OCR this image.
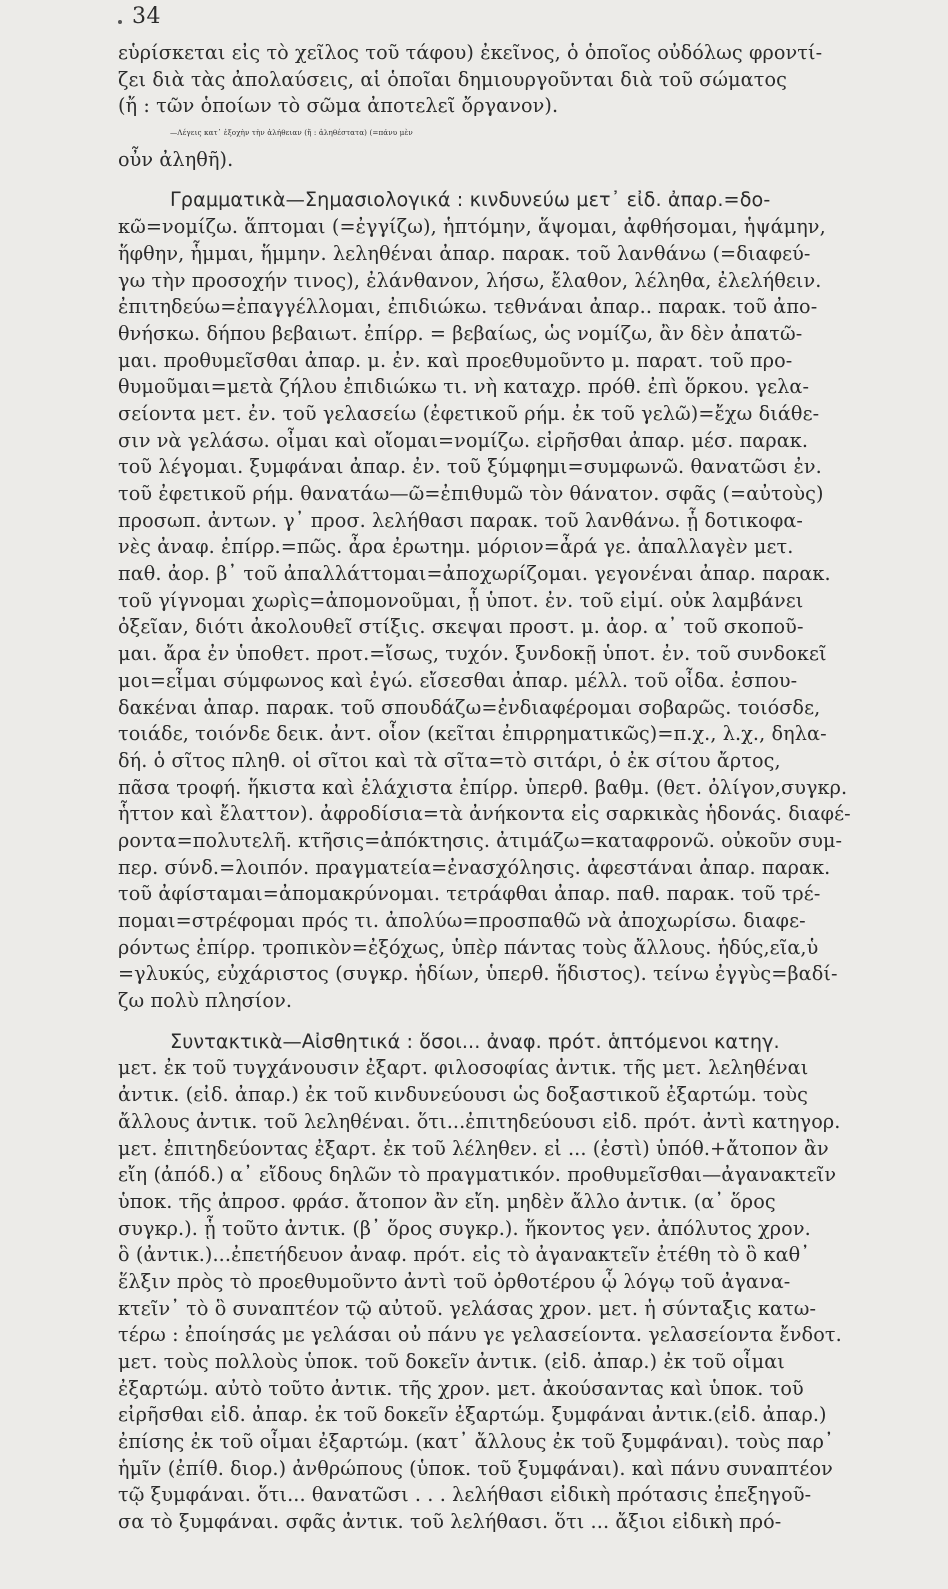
34
εὑρίσκεται εἰς τὸ χεῖλος τοῦ τάφου) ἐκεῖνος, ὁ ὁποῖος οὐδόλως φροντί-
ζει διὰ τὰς ἀπολαύσεις, αἱ ὁποῖαι δημιουργοῦνται διὰ τοῦ σώματος
(ἤ : τῶν ὁποίων τὸ σῶμα ἀποτελεῖ ὄργανον).
—Λέγεις κατ᾽ ἐξοχὴν τὴν ἀλήθειαν (ἤ : ἀληθέστατα) (=πάνυ μὲν
οὖν ἀληθῆ).
Γραμματικὰ—Σημασιολογικά : κινδυνεύω μετ᾽ εἰδ. ἀπαρ.=δο-
κῶ=νομίζω. ἅπτομαι (=ἐγγίζω), ἡπτόμην, ἅψομαι, ἀφθήσομαι, ἡψάμην,
ἥφθην, ἧμμαι, ἥμμην. λεληθέναι ἀπαρ. παρακ. τοῦ λανθάνω (=διαφεύ-
γω τὴν προσοχήν τινος), ἐλάνθανον, λήσω, ἔλαθον, λέληθα, ἐλελήθειν.
ἐπιτηδεύω=ἐπαγγέλλομαι, ἐπιδιώκω. τεθνάναι ἀπαρ.. παρακ. τοῦ ἀπο-
θνήσκω. δήπου βεβαιωτ. ἐπίρρ. = βεβαίως, ὡς νομίζω, ἂν δὲν ἀπατῶ-
μαι. προθυμεῖσθαι ἀπαρ. μ. ἐν. καὶ προεθυμοῦντο μ. παρατ. τοῦ προ-
θυμοῦμαι=μετὰ ζήλου ἐπιδιώκω τι. νὴ καταχρ. πρόθ. ἐπὶ ὅρκου. γελα-
σείοντα μετ. ἐν. τοῦ γελασείω (ἐφετικοῦ ρήμ. ἐκ τοῦ γελῶ)=ἔχω διάθε-
σιν νὰ γελάσω. οἶμαι καὶ οἴομαι=νομίζω. εἰρῆσθαι ἀπαρ. μέσ. παρακ.
τοῦ λέγομαι. ξυμφάναι ἀπαρ. ἐν. τοῦ ξύμφημι=συμφωνῶ. θανατῶσι ἐν.
τοῦ ἐφετικοῦ ρήμ. θανατάω—ῶ=ἐπιθυμῶ τὸν θάνατον. σφᾶς (=αὐτοὺς)
προσωπ. ἀντων. γ᾽ προσ. λελήθασι παρακ. τοῦ λανθάνω. ᾗ δοτικοφα-
νὲς ἀναφ. ἐπίρρ.=πῶς. ἆρα ἐρωτημ. μόριον=ἆρά γε. ἀπαλλαγὲν μετ.
παθ. ἀορ. β᾽ τοῦ ἀπαλλάττομαι=ἀποχωρίζομαι. γεγονέναι ἀπαρ. παρακ.
τοῦ γίγνομαι χωρὶς=ἀπομονοῦμαι, ᾗ ὑποτ. ἐν. τοῦ εἰμί. οὐκ λαμβάνει
ὀξεῖαν, διότι ἀκολουθεῖ στίξις. σκεψαι προστ. μ. ἀορ. α᾽ τοῦ σκοποῦ-
μαι. ἄρα ἐν ὑποθετ. προτ.=ἴσως, τυχόν. ξυνδοκῇ ὑποτ. ἐν. τοῦ συνδοκεῖ
μοι=εἶμαι σύμφωνος καὶ ἐγώ. εἴσεσθαι ἀπαρ. μέλλ. τοῦ οἶδα. ἐσπου-
δακέναι ἀπαρ. παρακ. τοῦ σπουδάζω=ἐνδιαφέρομαι σοβαρῶς. τοιόσδε,
τοιάδε, τοιόνδε δεικ. ἀντ. οἷον (κεῖται ἐπιρρηματικῶς)=π.χ., λ.χ., δηλα-
δή. ὁ σῖτος πληθ. οἱ σῖτοι καὶ τὰ σῖτα=τὸ σιτάρι, ὁ ἐκ σίτου ἄρτος,
πᾶσα τροφή. ἥκιστα καὶ ἐλάχιστα ἐπίρρ. ὑπερθ. βαθμ. (θετ. ὀλίγον,συγκρ.
ἧττον καὶ ἔλαττον). ἀφροδίσια=τὰ ἀνήκοντα εἰς σαρκικὰς ἡδονάς. διαφέ-
ροντα=πολυτελῆ. κτῆσις=ἀπόκτησις. ἀτιμάζω=καταφρονῶ. οὐκοῦν συμ-
περ. σύνδ.=λοιπόν. πραγματεία=ἐνασχόλησις. ἀφεστάναι ἀπαρ. παρακ.
τοῦ ἀφίσταμαι=ἀπομακρύνομαι. τετράφθαι ἀπαρ. παθ. παρακ. τοῦ τρέ-
πομαι=στρέφομαι πρός τι. ἀπολύω=προσπαθῶ νὰ ἀποχωρίσω. διαφε-
ρόντως ἐπίρρ. τροπικὸν=ἐξόχως, ὑπὲρ πάντας τοὺς ἄλλους. ἡδύς,εῖα,ὑ
=γλυκύς, εὐχάριστος (συγκρ. ἡδίων, ὑπερθ. ἥδιστος). τείνω ἐγγὺς=βαδί-
ζω πολὺ πλησίον.
Συντακτικὰ—Αἰσθητικά : ὅσοι... ἀναφ. πρότ. ἁπτόμενοι κατηγ.
μετ. ἐκ τοῦ τυγχάνουσιν ἐξαρτ. φιλοσοφίας ἀντικ. τῆς μετ. λεληθέναι
ἀντικ. (εἰδ. ἀπαρ.) ἐκ τοῦ κινδυνεύουσι ὡς δοξαστικοῦ ἐξαρτώμ. τοὺς
ἄλλους ἀντικ. τοῦ λεληθέναι. ὅτι...ἐπιτηδεύουσι εἰδ. πρότ. ἀντὶ κατηγορ.
μετ. ἐπιτηδεύοντας ἐξαρτ. ἐκ τοῦ λέληθεν. εἰ ... (ἐστὶ) ὑπόθ.+ἄτοπον ἂν
εἴη (ἀπόδ.) α᾽ εἴδους δηλῶν τὸ πραγματικόν. προθυμεῖσθαι—ἀγανακτεῖν
ὑποκ. τῆς ἀπροσ. φράσ. ἄτοπον ἂν εἴη. μηδὲν ἄλλο ἀντικ. (α᾽ ὅρος
συγκρ.). ᾗ τοῦτο ἀντικ. (β᾽ ὅρος συγκρ.). ἥκοντος γεν. ἀπόλυτος χρον.
ὃ (ἀντικ.)...ἐπετήδευον ἀναφ. πρότ. εἰς τὸ ἀγανακτεῖν ἐτέθη τὸ ὃ καθ᾽
ἕλξιν πρὸς τὸ προεθυμοῦντο ἀντὶ τοῦ ὀρθοτέρου ᾧ λόγῳ τοῦ ἀγανα-
κτεῖν᾽ τὸ ὃ συναπτέον τῷ αὐτοῦ. γελάσας χρον. μετ. ἡ σύνταξις κατω-
τέρω : ἐποίησάς με γελάσαι οὐ πάνυ γε γελασείοντα. γελασείοντα ἔνδοτ.
μετ. τοὺς πολλοὺς ὑποκ. τοῦ δοκεῖν ἀντικ. (εἰδ. ἀπαρ.) ἐκ τοῦ οἶμαι
ἐξαρτώμ. αὐτὸ τοῦτο ἀντικ. τῆς χρον. μετ. ἀκούσαντας καὶ ὑποκ. τοῦ
εἰρῆσθαι εἰδ. ἀπαρ. ἐκ τοῦ δοκεῖν ἐξαρτώμ. ξυμφάναι ἀντικ.(εἰδ. ἀπαρ.)
ἐπίσης ἐκ τοῦ οἶμαι ἐξαρτώμ. (κατ᾽ ἄλλους ἐκ τοῦ ξυμφάναι). τοὺς παρ᾽
ἡμῖν (ἐπίθ. διορ.) ἀνθρώπους (ὑποκ. τοῦ ξυμφάναι). καὶ πάνυ συναπτέον
τῷ ξυμφάναι. ὅτι... θανατῶσι . . . λελήθασι εἰδικὴ πρότασις ἐπεξηγοῦ-
σα τὸ ξυμφάναι. σφᾶς ἀντικ. τοῦ λελήθασι. ὅτι ... ἄξιοι εἰδικὴ πρό-
